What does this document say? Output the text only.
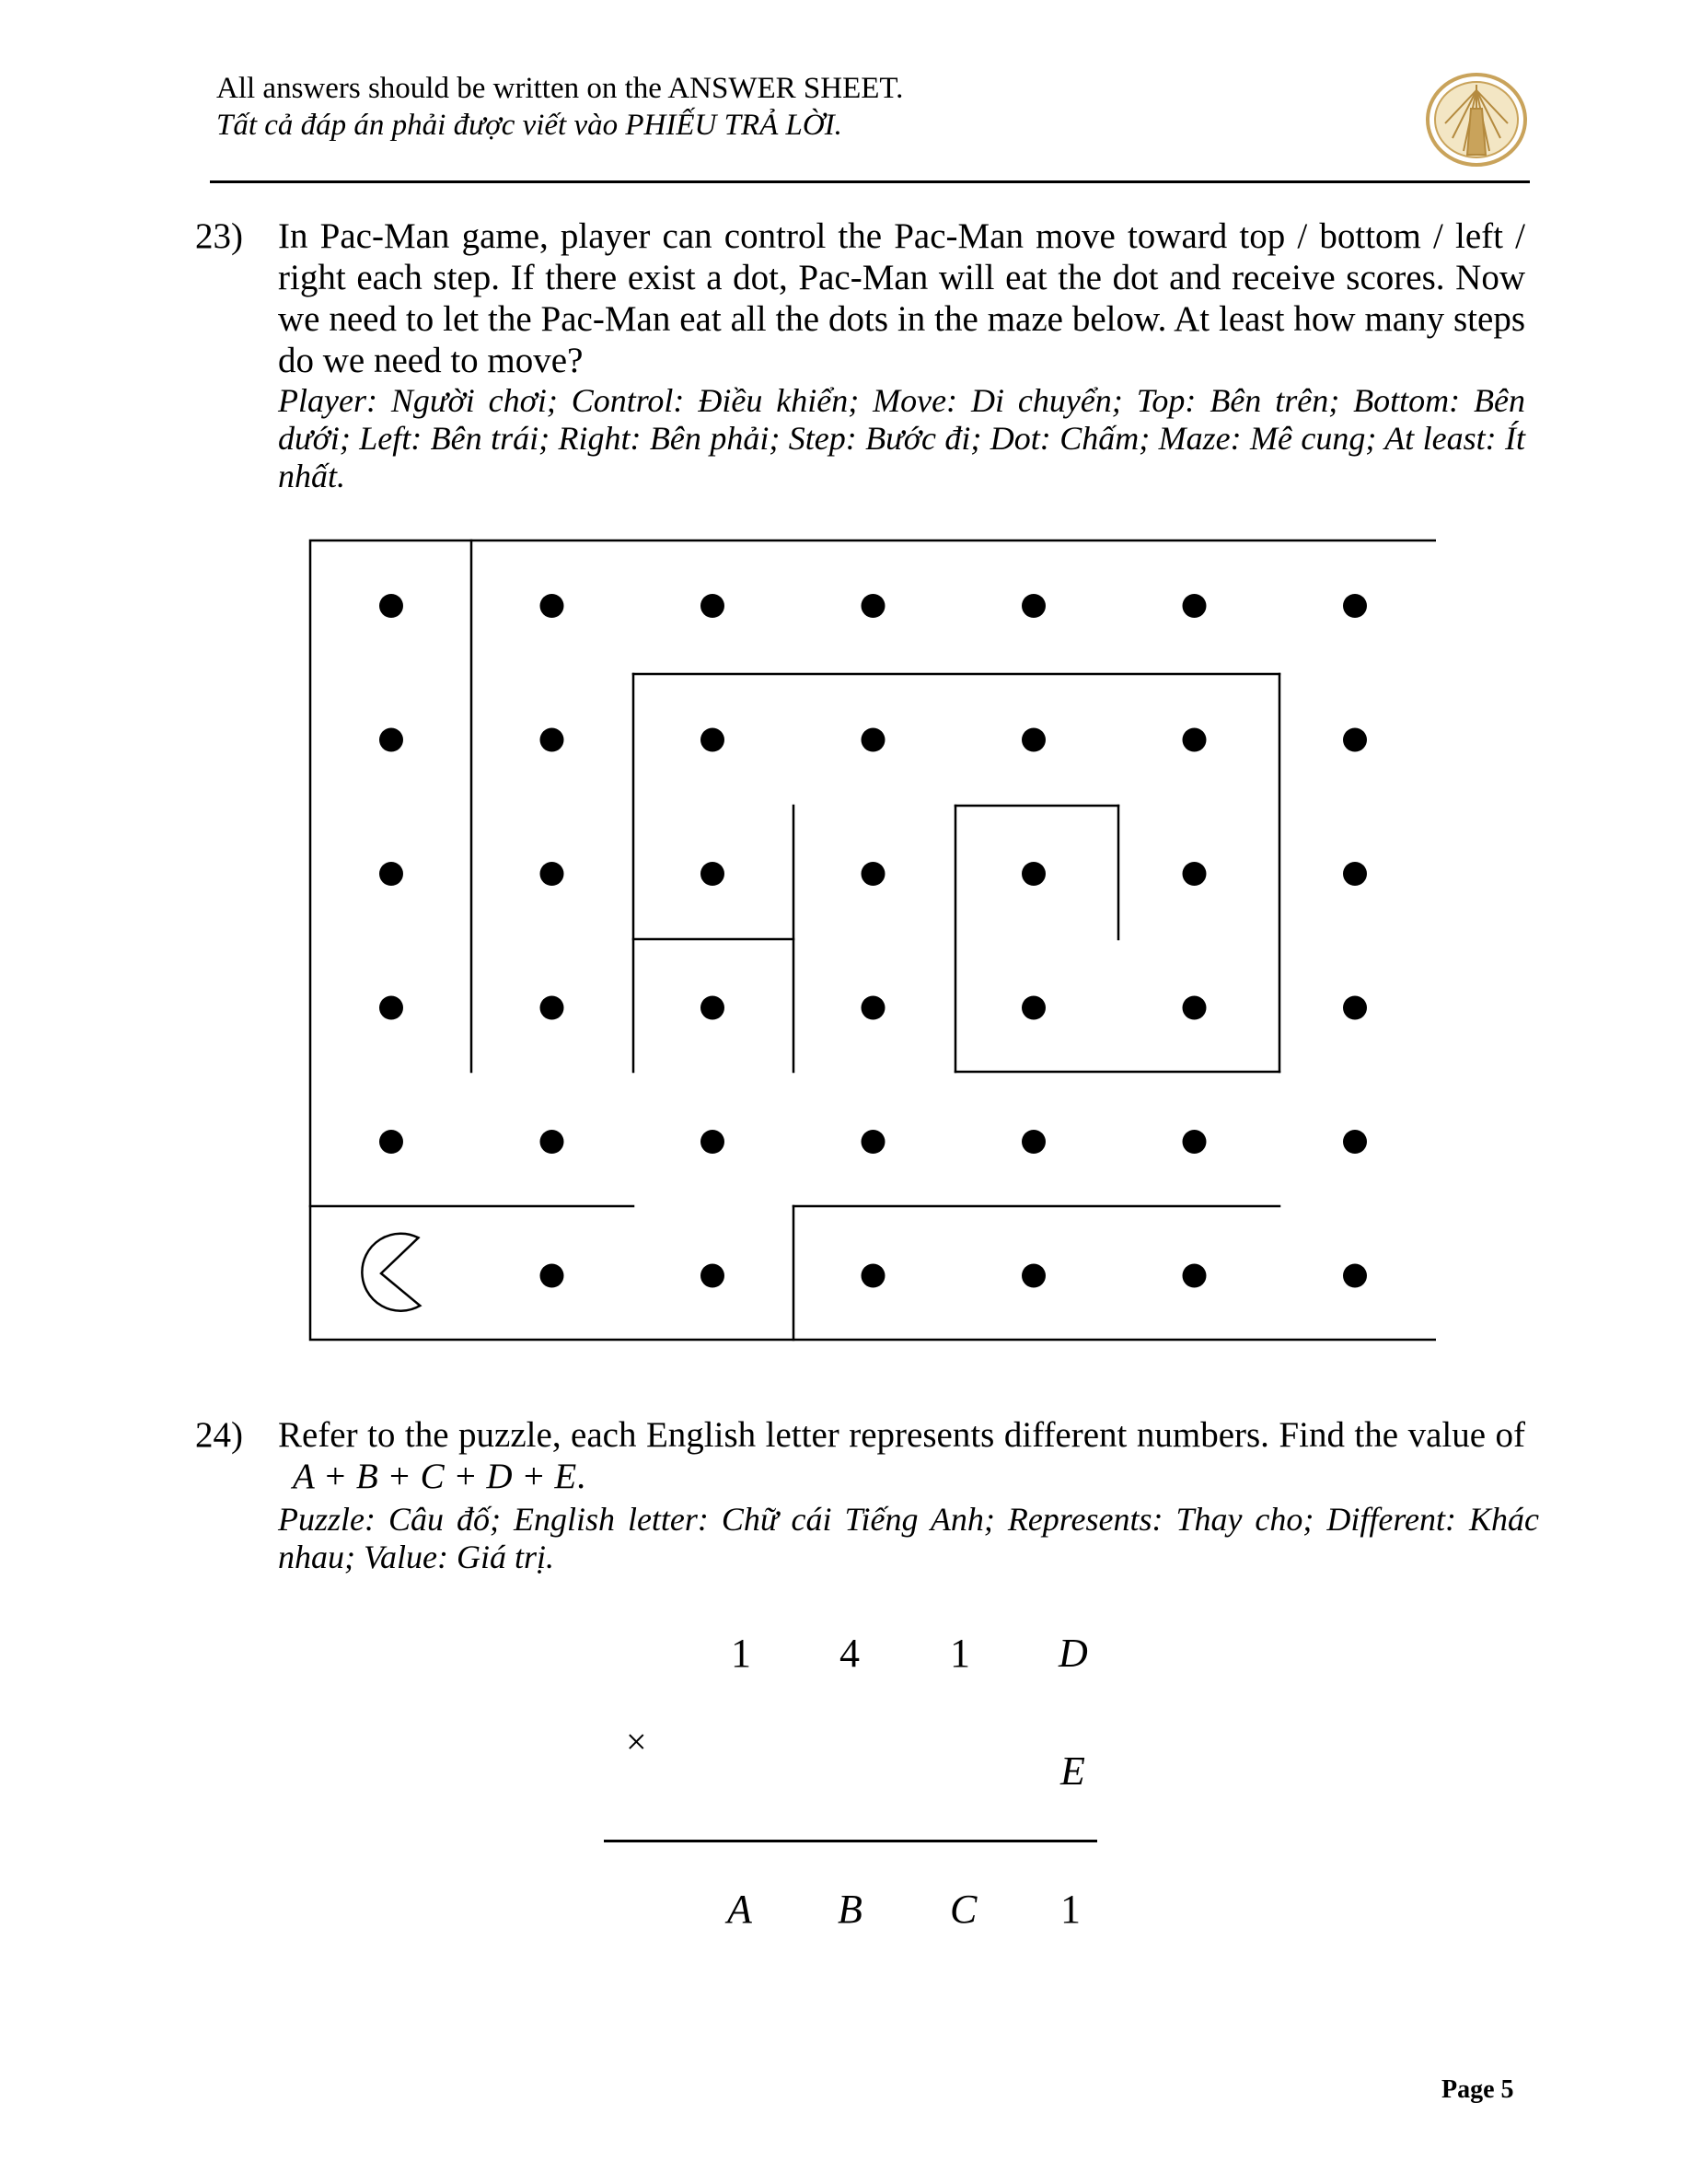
All answers should be written on the ANSWER SHEET.
Tất cả đáp án phải được viết vào PHIẾU TRẢ LỜI.
23) In Pac-Man game, player can control the Pac-Man move toward top / bottom / left / right each step. If there exist a dot, Pac-Man will eat the dot and receive scores. Now we need to let the Pac-Man eat all the dots in the maze below. At least how many steps do we need to move?
Player: Người chơi; Control: Điều khiển; Move: Di chuyển; Top: Bên trên; Bottom: Bên dưới; Left: Bên trái; Right: Bên phải; Step: Bước đi; Dot: Chấm; Maze: Mê cung; At least: Ít nhất.
24) Refer to the puzzle, each English letter represents different numbers. Find the value of A + B + C + D + E.
Puzzle: Câu đố; English letter: Chữ cái Tiếng Anh; Represents: Thay cho; Different: Khác nhau; Value: Giá trị.
1 4 1 D
×
E
A B C 1
Page 5
